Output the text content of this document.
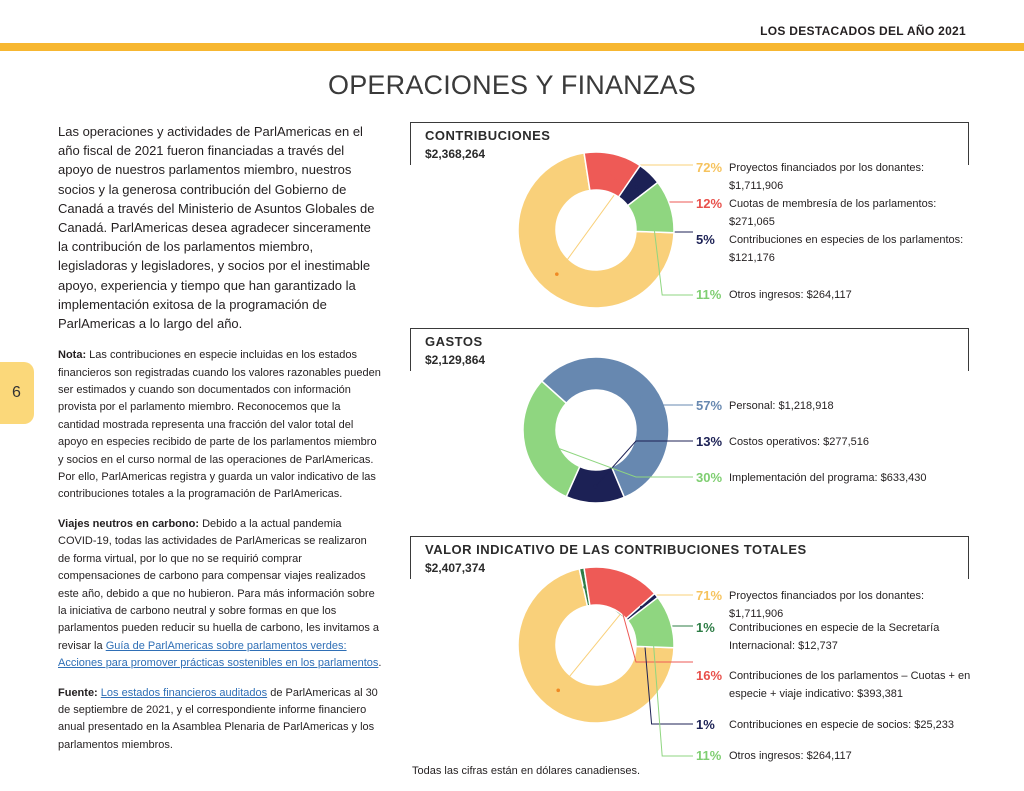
LOS DESTACADOS DEL AÑO 2021
OPERACIONES Y FINANZAS
6

Las operaciones y actividades de ParlAmericas en el año fiscal de 2021 fueron financiadas a través del apoyo de nuestros parlamentos miembro, nuestros socios y la generosa contribución del Gobierno de Canadá a través del Ministerio de Asuntos Globales de Canadá. ParlAmericas desea agradecer sinceramente la contribución de los parlamentos miembro, legisladoras y legisladores, y socios por el inestimable apoyo, experiencia y tiempo que han garantizado la implementación exitosa de la programación de ParlAmericas a lo largo del año.

Nota: Las contribuciones en especie incluidas en los estados financieros son registradas cuando los valores razonables pueden ser estimados y cuando son documentados con información provista por el parlamento miembro. Reconocemos que la cantidad mostrada representa una fracción del valor total del apoyo en especies recibido de parte de los parlamentos miembro y socios en el curso normal de las operaciones de ParlAmericas. Por ello, ParlAmericas registra y guarda un valor indicativo de las contribuciones totales a la programación de ParlAmericas.

Viajes neutros en carbono: Debido a la actual pandemia COVID-19, todas las actividades de ParlAmericas se realizaron de forma virtual, por lo que no se requirió comprar compensaciones de carbono para compensar viajes realizados este año, debido a que no hubieron. Para más información sobre la iniciativa de carbono neutral y sobre formas en que los parlamentos pueden reducir su huella de carbono, les invitamos a revisar la Guía de ParlAmericas sobre parlamentos verdes: Acciones para promover prácticas sostenibles en los parlamentos.

Fuente: Los estados financieros auditados de ParlAmericas al 30 de septiembre de 2021, y el correspondiente informe financiero anual presentado en la Asamblea Plenaria de ParlAmericas y los parlamentos miembros.

CONTRIBUCIONES
$2,368,264
72% Proyectos financiados por los donantes: $1,711,906
12% Cuotas de membresía de los parlamentos: $271,065
5%	Contribuciones en especies de los parlamentos: $121,176
11% Otros ingresos: $264,117
GASTOS
$2,129,864
57% Personal: $1,218,918
13% Costos operativos: $277,516
30% Implementación del programa: $633,430
VALOR INDICATIVO DE LAS CONTRIBUCIONES TOTALES
$2,407,374
71% Proyectos financiados por los donantes: $1,711,906
1%	Contribuciones en especie de la Secretaría Internacional: $12,737
16% Contribuciones de los parlamentos – Cuotas + en especie + viaje indicativo: $393,381
1%	Contribuciones en especie de socios: $25,233
11% Otros ingresos: $264,117
Todas las cifras están en dólares canadienses.
